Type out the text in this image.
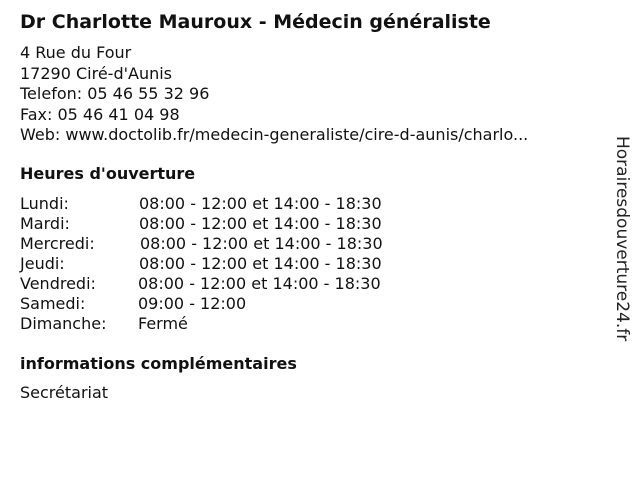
Dr Charlotte Mauroux - Médecin généraliste
4 Rue du Four
17290 Ciré-d'Aunis
Telefon: 05 46 55 32 96
Fax: 05 46 41 04 98
Web: www.doctolib.fr/medecin-generaliste/cire-d-aunis/charlo...
Heures d'ouverture
Lundi:	08:00 - 12:00 et 14:00 - 18:30
Mardi:	08:00 - 12:00 et 14:00 - 18:30
Mercredi:	08:00 - 12:00 et 14:00 - 18:30
Jeudi:	08:00 - 12:00 et 14:00 - 18:30
Vendredi:	08:00 - 12:00 et 14:00 - 18:30
Samedi:	09:00 - 12:00
Dimanche: Fermé
informations complémentaires
Secrétariat
Horairesdouverture24.fr
